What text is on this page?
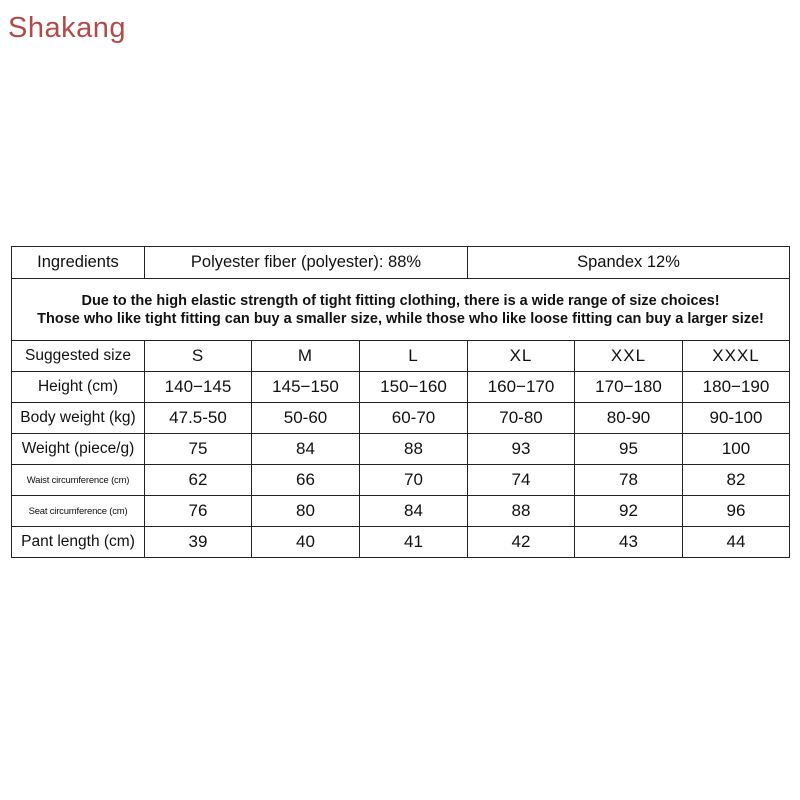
Shakang
Ingredients	Polyester fiber (polyester): 88%			Spandex 12%		

Due to the high elastic strength of tight fitting clothing, there is a wide range of size choices!
Those who like tight fitting can buy a smaller size, while those who like loose fitting can buy a larger size!						

Suggested size	S	M	L	XL	XXL	XXXL
Height (cm)	140−145	145−150	150−160	160−170	170−180	180−190
Body weight (kg)	47.5-50	50-60	60-70	70-80	80-90	90-100
Weight (piece/g)	75	84	88	93	95	100
Waist circumference (cm)	62	66	70	74	78	82
Seat circumference (cm)	76	80	84	88	92	96
Pant length (cm)	39	40	41	42	43	44
